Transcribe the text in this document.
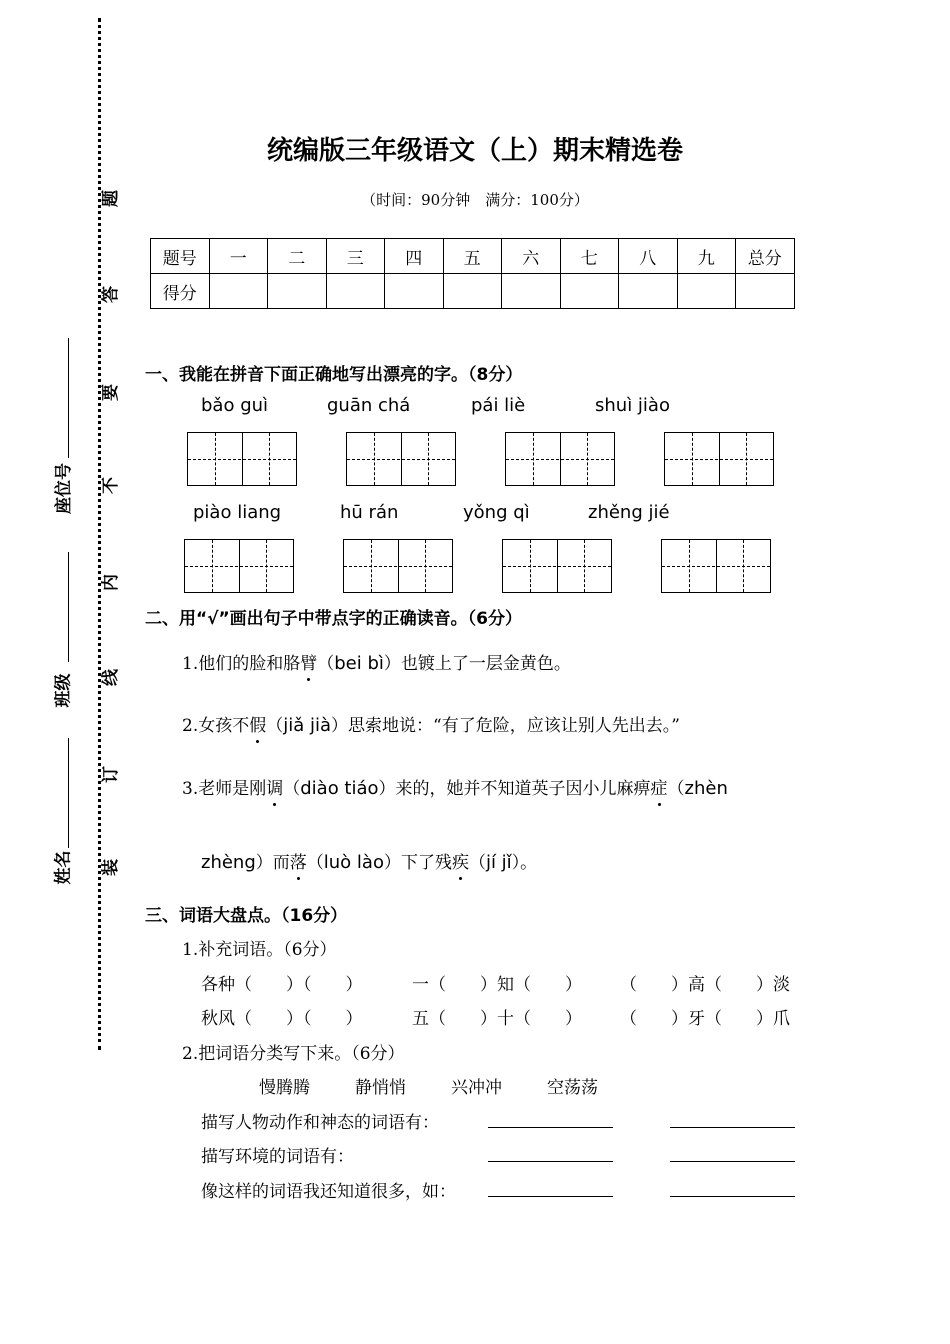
题
答
要
不
内
线
订
装
座位号
班级
姓名
统编版三年级语文（上）期末精选卷
（时间：90分钟　满分：100分）
题号	一	二	三	四	五	六	七	八	九	总分
得分										
一、我能在拼音下面正确地写出漂亮的字。（8分）
bǎo guì	guān chá	pái liè	shuì jiào
piào liang	hū rán	yǒng qì	zhěng jié
二、用“√”画出句子中带点字的正确读音。（6分）
1.他们的脸和胳臂（bei bì）也镀上了一层金黄色。
2.女孩不假（jiǎ jià）思索地说：“有了危险，应该让别人先出去。”
3.老师是刚调（diào tiáo）来的，她并不知道英子因小儿麻痹症（zhèn
zhèng）而落（luò lào）下了残疾（jí jǐ）。
三、词语大盘点。（16分）
1.补充词语。（6分）
各种（　　）（　　）	一（　　）知（　　） （　　）高（　　）淡
秋风（　　）（　　）	五（　　）十（　　） （　　）牙（　　）爪
2.把词语分类写下来。（6分）
慢腾腾	静悄悄	兴冲冲	空荡荡
描写人物动作和神态的词语有：
描写环境的词语有：
像这样的词语我还知道很多，如：
